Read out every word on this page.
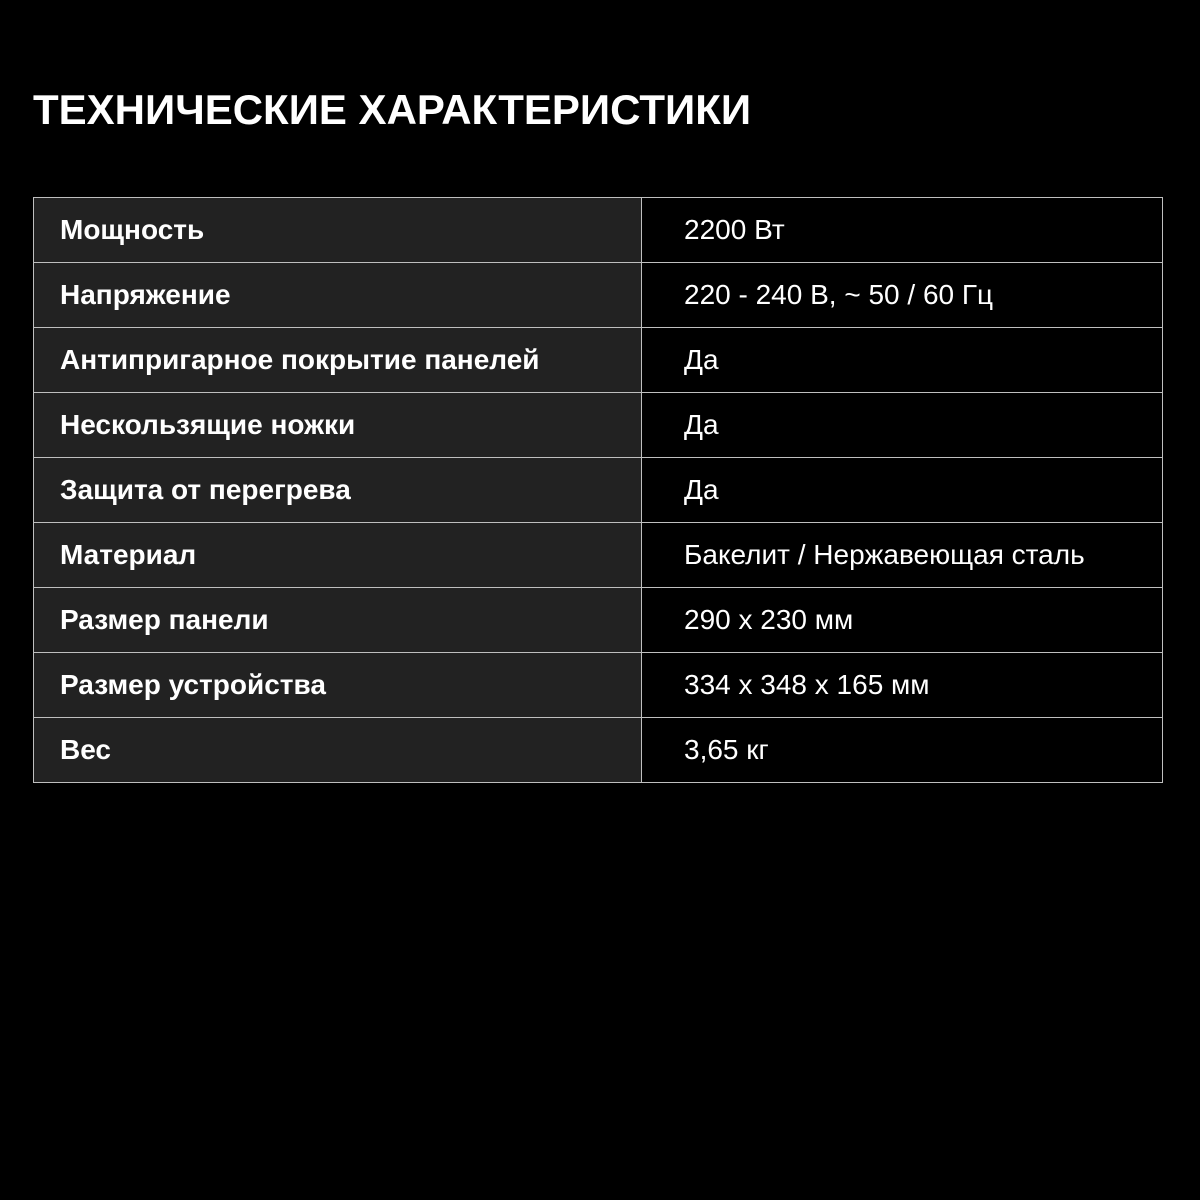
ТЕХНИЧЕСКИЕ ХАРАКТЕРИСТИКИ
Мощность	2200 Вт
Напряжение	220 - 240 В, ~ 50 / 60 Гц
Антипригарное покрытие панелей	Да
Нескользящие ножки	Да
Защита от перегрева	Да
Материал	Бакелит / Нержавеющая сталь
Размер панели	290 x 230 мм
Размер устройства	334 x 348 x 165 мм
Вес	3,65 кг
